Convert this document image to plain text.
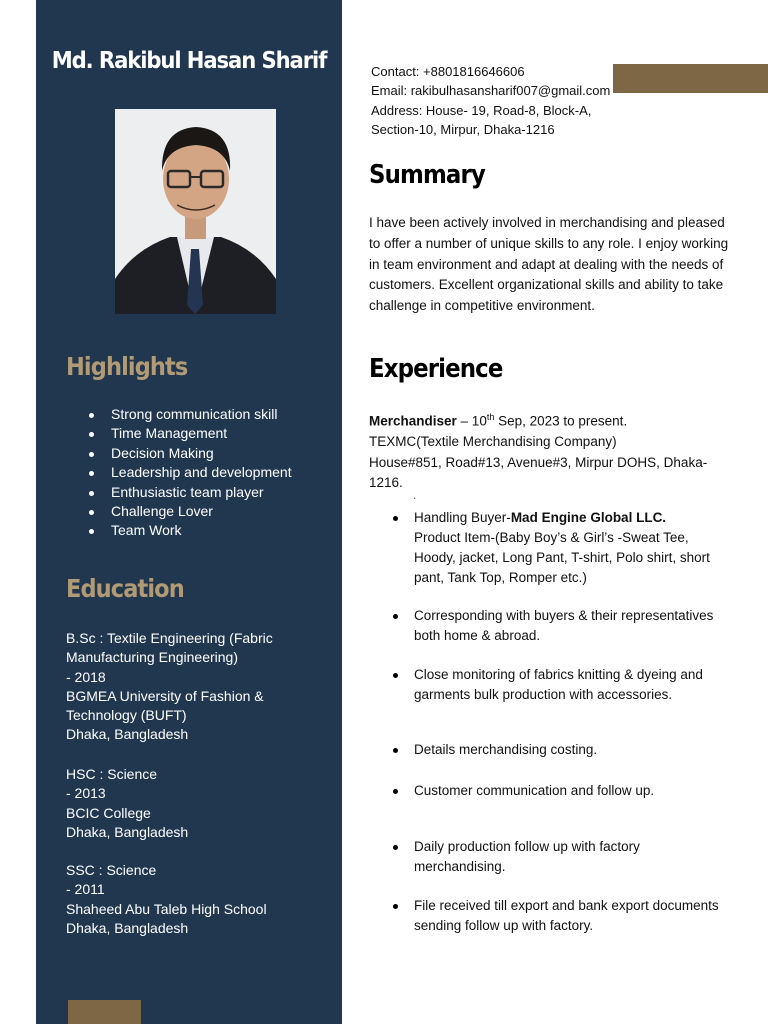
Md. Rakibul Hasan Sharif
Highlights
Strong communication skill
Time Management
Decision Making
Leadership and development
Enthusiastic team player
Challenge Lover
Team Work
Education
B.Sc : Textile Engineering (Fabric
Manufacturing Engineering)
- 2018
BGMEA University of Fashion &
Technology (BUFT)
Dhaka, Bangladesh
HSC : Science
- 2013
BCIC College
Dhaka, Bangladesh
SSC : Science
- 2011
Shaheed Abu Taleb High School
Dhaka, Bangladesh
Contact: +8801816646606
Email: rakibulhasansharif007@gmail.com
Address: House- 19, Road-8, Block-A,
Section-10, Mirpur, Dhaka-1216
Summary
I have been actively involved in merchandising and pleased to offer a number of unique skills to any role. I enjoy working in team environment and adapt at dealing with the needs of customers. Excellent organizational skills and ability to take challenge in competitive environment.
Experience
Merchandiser – 10th Sep, 2023 to present.
TEXMC(Textile Merchandising Company)
House#851, Road#13, Avenue#3, Mirpur DOHS, Dhaka-1216.
.
Handling Buyer-Mad Engine Global LLC.
Product Item-(Baby Boy’s & Girl’s -Sweat Tee, Hoody, jacket, Long Pant, T-shirt, Polo shirt, short pant, Tank Top, Romper etc.)
Corresponding with buyers & their representatives both home & abroad.
Close monitoring of fabrics knitting & dyeing and garments bulk production with accessories.
Details merchandising costing.
Customer communication and follow up.
Daily production follow up with factory merchandising.
File received till export and bank export documents sending follow up with factory.
